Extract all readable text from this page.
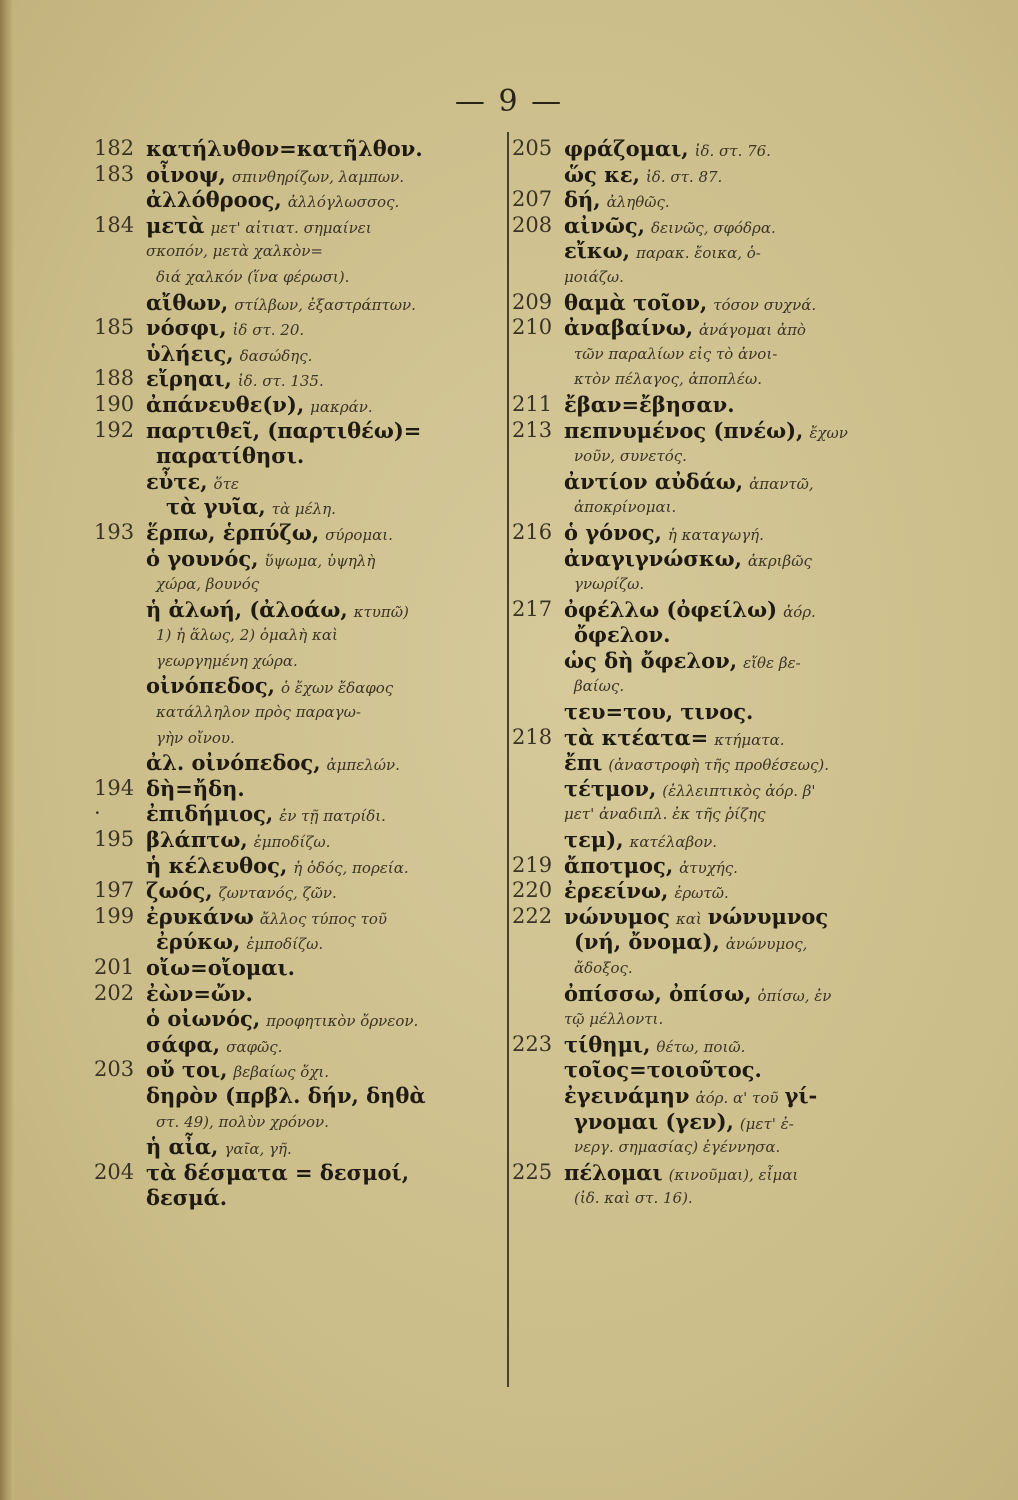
— 9 —
182 κατήλυθον=κατῆλθον.
183 οἶνοψ, σπινθηρίζων, λαμπων.
ἀλλόθροος, ἀλλόγλωσσος.
184 μετὰ μετ' αἰτιατ. σημαίνει
σκοπόν, μετὰ χαλκὸν=
διά χαλκόν (ἵνα φέρωσι).
αἴθων, στίλβων, ἐξαστράπτων.
185 νόσφι, ἰδ στ. 20.
ὑλήεις, δασώδης.
188 εἴρηαι, ἰδ. στ. 135.
190 ἀπάνευθε(ν), μακράν.
192 παρτιθεῖ, (παρτιθέω)=
παρατίθησι.
εὖτε, ὅτε
τὰ γυῖα, τὰ μέλη.
193 ἕρπω, ἑρπύζω, σύρομαι.
ὁ γουνός, ὕψωμα, ὑψηλὴ
χώρα, βουνός
ἡ ἀλωή, (ἀλοάω, κτυπῶ)
1) ἡ ἅλως, 2) ὁμαλὴ καὶ
γεωργημένη χώρα.
οἰνόπεδος, ὁ ἔχων ἔδαφος
κατάλληλον πρὸς παραγω-
γὴν οἴνου.
ἀλ. οἰνόπεδος, ἀμπελών.
194 δὴ=ἤδη.
·	ἐπιδήμιος, ἐν τῇ πατρίδι.
195 βλάπτω, ἐμποδίζω.
ἡ κέλευθος, ἡ ὁδός, πορεία.
197 ζωός, ζωντανός, ζῶν.
199 ἐρυκάνω ἄλλος τύπος τοῦ
ἐρύκω, ἐμποδίζω.
201 οἴω=οἴομαι.
202 ἐὼν=ὤν.
ὁ οἰωνός, προφητικὸν ὄρνεον.
σάφα, σαφῶς.
203 οὔ τοι, βεβαίως ὄχι.
δηρὸν (πρβλ. δήν, δηθὰ
στ. 49), πολὺν χρόνον.
ἡ αἶα, γαῖα, γῆ.
204 τὰ δέσματα = δεσμοί,
δεσμά.
205 φράζομαι, ἰδ. στ. 76.
ὥς κε, ἰδ. στ. 87.
207 δή, ἀληθῶς.
208 αἰνῶς, δεινῶς, σφόδρα.
εἴκω, παρακ. ἔοικα, ὁ-
μοιάζω.
209 θαμὰ τοῖον, τόσον συχνά.
210 ἀναβαίνω, ἀνάγομαι ἀπὸ
τῶν παραλίων εἰς τὸ ἀνοι-
κτὸν πέλαγος, ἀποπλέω.
211 ἔβαν=ἔβησαν.
213 πεπνυμένος (πνέω), ἔχων
νοῦν, συνετός.
ἀντίον αὐδάω, ἀπαντῶ,
ἀποκρίνομαι.
216 ὁ γόνος, ἡ καταγωγή.
ἀναγιγνώσκω, ἀκριβῶς
γνωρίζω.
217 ὀφέλλω (ὀφείλω) ἀόρ.
ὄφελον.
ὡς δὴ ὄφελον, εἴθε βε-
βαίως.
τευ=του, τινος.
218 τὰ κτέατα= κτήματα.
ἔπι (ἀναστροφὴ τῆς προθέσεως).
τέτμον, (ἐλλειπτικὸς ἀόρ. β'
μετ' ἀναδιπλ. ἐκ τῆς ῥίζης
τεμ), κατέλαβον.
219 ἄποτμος, ἀτυχής.
220 ἐρεείνω, ἐρωτῶ.
222 νώνυμος καὶ νώνυμνος
(νή, ὄνομα), ἀνώνυμος,
ἄδοξος.
ὀπίσσω, ὀπίσω, ὀπίσω, ἐν
τῷ μέλλοντι.
223 τίθημι, θέτω, ποιῶ.
τοῖος=τοιοῦτος.
ἐγεινάμην ἀόρ. α' τοῦ γί-
γνομαι (γεν), (μετ' ἐ-
νεργ. σημασίας) ἐγέννησα.
225 πέλομαι (κινοῦμαι), εἶμαι
(ἰδ. καὶ στ. 16).
